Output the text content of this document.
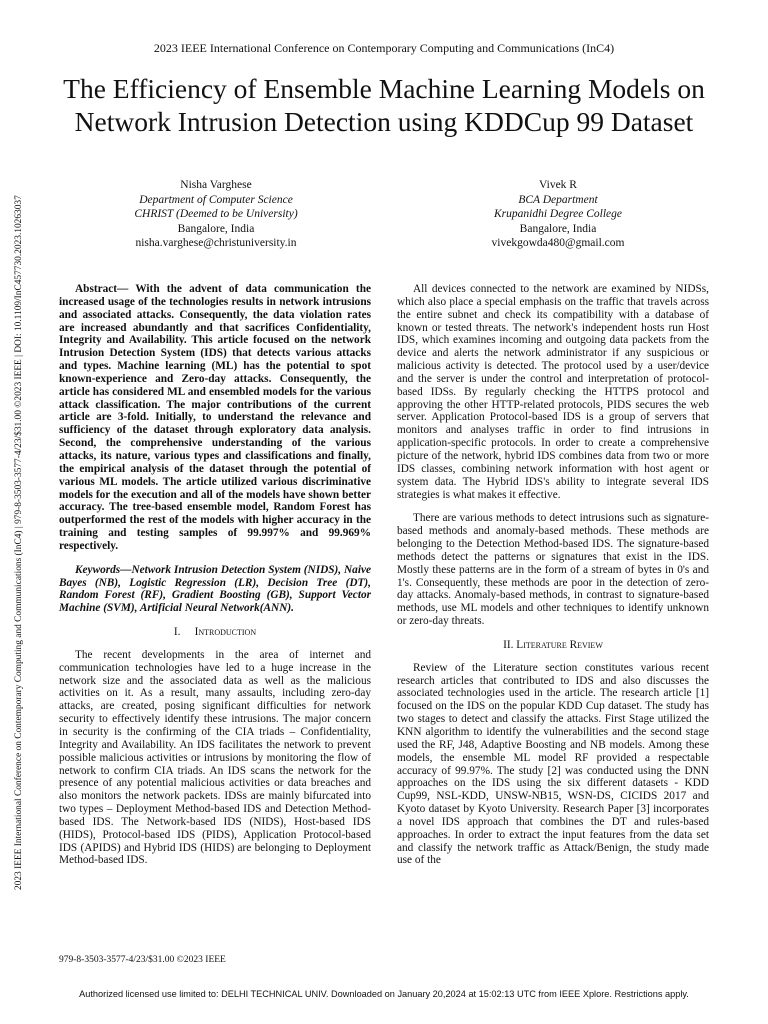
2023 IEEE International Conference on Contemporary Computing and Communications (InC4)
The Efficiency of Ensemble Machine Learning Models on Network Intrusion Detection using KDDCup 99 Dataset
2023 IEEE International Conference on Contemporary Computing and Communications (InC4) | 979-8-3503-3577-4/23/$31.00 ©2023 IEEE | DOI: 10.1109/InC457730.2023.10263037
Nisha Varghese
Department of Computer Science
CHRIST (Deemed to be University)
Bangalore, India
nisha.varghese@christuniversity.in
Vivek R
BCA Department
Krupanidhi Degree College
Bangalore, India
vivekgowda480@gmail.com

Abstract— With the advent of data communication the increased usage of the technologies results in network intrusions and associated attacks. Consequently, the data violation rates are increased abundantly and that sacrifices Confidentiality, Integrity and Availability. This article focused on the network Intrusion Detection System (IDS) that detects various attacks and types. Machine learning (ML) has the potential to spot known-experience and Zero-day attacks. Consequently, the article has considered ML and ensembled models for the various attack classification. The major contributions of the current article are 3-fold. Initially, to understand the relevance and sufficiency of the dataset through exploratory data analysis. Second, the comprehensive understanding of the various attacks, its nature, various types and classifications and finally, the empirical analysis of the dataset through the potential of various ML models. The article utilized various discriminative models for the execution and all of the models have shown better accuracy. The tree-based ensemble model, Random Forest has outperformed the rest of the models with higher accuracy in the training and testing samples of 99.997% and 99.969% respectively.

Keywords—Network Intrusion Detection System (NIDS), Naive Bayes (NB), Logistic Regression (LR), Decision Tree (DT), Random Forest (RF), Gradient Boosting (GB), Support Vector Machine (SVM), Artificial Neural Network(ANN).

I. Introduction

The recent developments in the area of internet and communication technologies have led to a huge increase in the network size and the associated data as well as the malicious activities on it. As a result, many assaults, including zero-day attacks, are created, posing significant difficulties for network security to effectively identify these intrusions. The major concern in security is the confirming of the CIA triads – Confidentiality, Integrity and Availability. An IDS facilitates the network to prevent possible malicious activities or intrusions by monitoring the flow of network to confirm CIA triads. An IDS scans the network for the presence of any potential malicious activities or data breaches and also monitors the network packets. IDSs are mainly bifurcated into two types – Deployment Method-based IDS and Detection Method-based IDS. The Network-based IDS (NIDS), Host-based IDS (HIDS), Protocol-based IDS (PIDS), Application Protocol-based IDS (APIDS) and Hybrid IDS (HIDS) are belonging to Deployment Method-based IDS.

All devices connected to the network are examined by NIDSs, which also place a special emphasis on the traffic that travels across the entire subnet and check its compatibility with a database of known or tested threats. The network's independent hosts run Host IDS, which examines incoming and outgoing data packets from the device and alerts the network administrator if any suspicious or malicious activity is detected. The protocol used by a user/device and the server is under the control and interpretation of protocol-based IDSs. By regularly checking the HTTPS protocol and approving the other HTTP-related protocols, PIDS secures the web server. Application Protocol-based IDS is a group of servers that monitors and analyses traffic in order to find intrusions in application-specific protocols. In order to create a comprehensive picture of the network, hybrid IDS combines data from two or more IDS classes, combining network information with host agent or system data. The Hybrid IDS's ability to integrate several IDS strategies is what makes it effective.

There are various methods to detect intrusions such as signature-based methods and anomaly-based methods. These methods are belonging to the Detection Method-based IDS. The signature-based methods detect the patterns or signatures that exist in the IDS. Mostly these patterns are in the form of a stream of bytes in 0's and 1's. Consequently, these methods are poor in the detection of zero-day attacks. Anomaly-based methods, in contrast to signature-based methods, use ML models and other techniques to identify unknown or zero-day threats.

II. Literature Review

Review of the Literature section constitutes various recent research articles that contributed to IDS and also discusses the associated technologies used in the article. The research article [1] focused on the IDS on the popular KDD Cup dataset. The study has two stages to detect and classify the attacks. First Stage utilized the KNN algorithm to identify the vulnerabilities and the second stage used the RF, J48, Adaptive Boosting and NB models. Among these models, the ensemble ML model RF provided a respectable accuracy of 99.97%. The study [2] was conducted using the DNN approaches on the IDS using the six different datasets - KDD Cup99, NSL-KDD, UNSW-NB15, WSN-DS, CICIDS 2017 and Kyoto dataset by Kyoto University. Research Paper [3] incorporates a novel IDS approach that combines the DT and rules-based approaches. In order to extract the input features from the data set and classify the network traffic as Attack/Benign, the study made use of the

979-8-3503-3577-4/23/$31.00 ©2023 IEEE
Authorized licensed use limited to: DELHI TECHNICAL UNIV. Downloaded on January 20,2024 at 15:02:13 UTC from IEEE Xplore. Restrictions apply.
